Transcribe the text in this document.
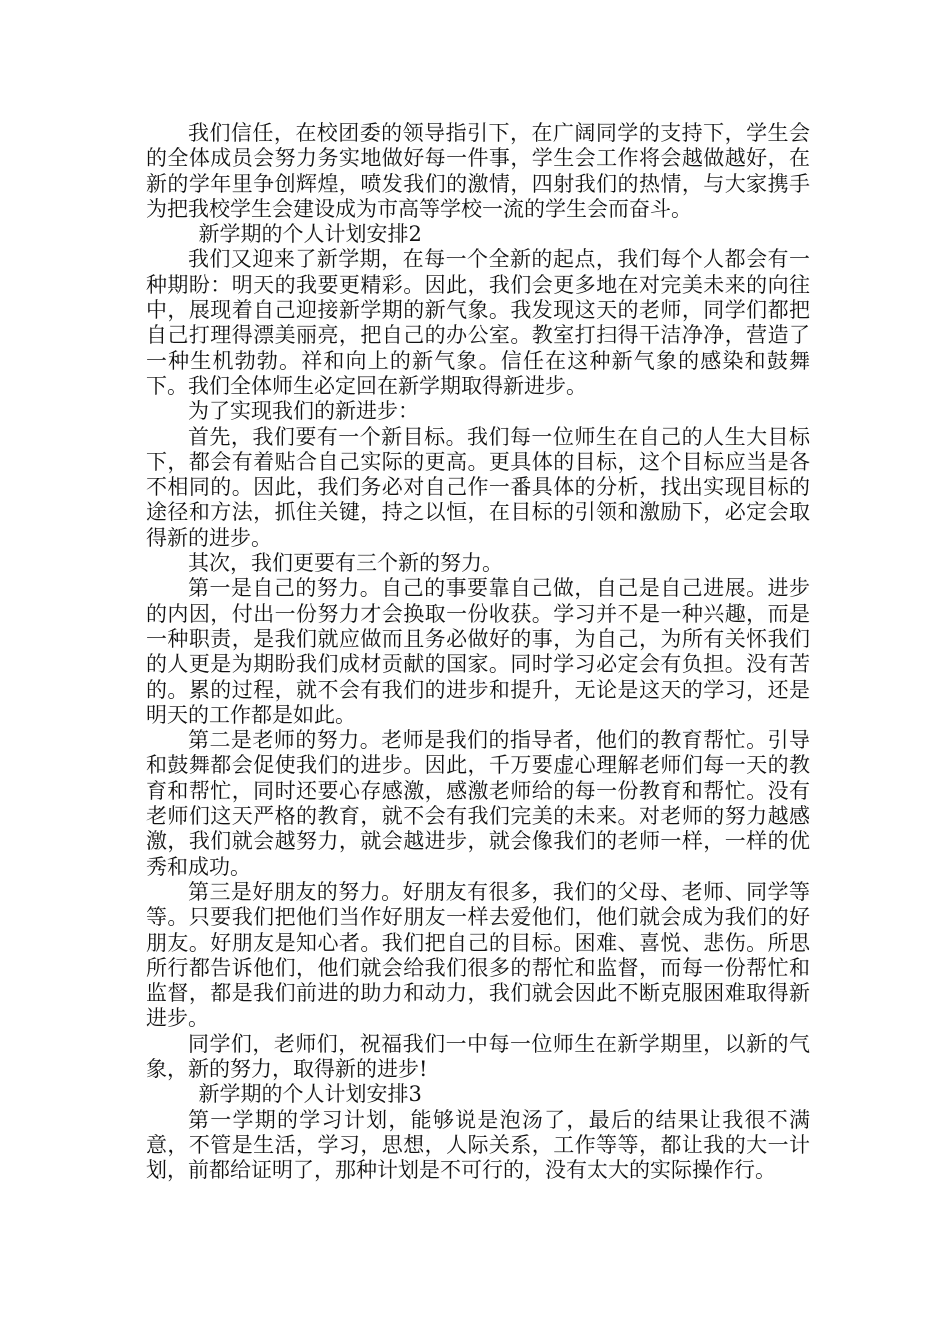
我们信任，在校团委的领导指引下，在广阔同学的支持下，学生会的全体成员会努力务实地做好每一件事，学生会工作将会越做越好，在新的学年里争创辉煌，喷发我们的激情，四射我们的热情，与大家携手为把我校学生会建设成为市高等学校一流的学生会而奋斗。

新学期的个人计划安排2

我们又迎来了新学期，在每一个全新的起点，我们每个人都会有一种期盼：明天的我要更精彩。因此，我们会更多地在对完美未来的向往中，展现着自己迎接新学期的新气象。我发现这天的老师，同学们都把自己打理得漂美丽亮，把自己的办公室。教室打扫得干洁净净，营造了一种生机勃勃。祥和向上的新气象。信任在这种新气象的感染和鼓舞下。我们全体师生必定回在新学期取得新进步。

为了实现我们的新进步：

首先，我们要有一个新目标。我们每一位师生在自己的人生大目标下，都会有着贴合自己实际的更高。更具体的目标，这个目标应当是各不相同的。因此，我们务必对自己作一番具体的分析，找出实现目标的途径和方法，抓住关键，持之以恒，在目标的引领和激励下，必定会取得新的进步。

其次，我们更要有三个新的努力。

第一是自己的努力。自己的事要靠自己做，自己是自己进展。进步的内因，付出一份努力才会换取一份收获。学习并不是一种兴趣，而是一种职责，是我们就应做而且务必做好的事，为自己，为所有关怀我们的人更是为期盼我们成材贡献的国家。同时学习必定会有负担。没有苦的。累的过程，就不会有我们的进步和提升，无论是这天的学习，还是明天的工作都是如此。

第二是老师的努力。老师是我们的指导者，他们的教育帮忙。引导和鼓舞都会促使我们的进步。因此，千万要虚心理解老师们每一天的教育和帮忙，同时还要心存感激，感激老师给的每一份教育和帮忙。没有老师们这天严格的教育，就不会有我们完美的未来。对老师的努力越感激，我们就会越努力，就会越进步，就会像我们的老师一样，一样的优秀和成功。

第三是好朋友的努力。好朋友有很多，我们的父母、老师、同学等等。只要我们把他们当作好朋友一样去爱他们，他们就会成为我们的好朋友。好朋友是知心者。我们把自己的目标。困难、喜悦、悲伤。所思所行都告诉他们，他们就会给我们很多的帮忙和监督，而每一份帮忙和监督，都是我们前进的助力和动力，我们就会因此不断克服困难取得新进步。

同学们，老师们，祝福我们一中每一位师生在新学期里，以新的气象，新的努力，取得新的进步!

新学期的个人计划安排3

第一学期的学习计划，能够说是泡汤了，最后的结果让我很不满意，不管是生活，学习，思想，人际关系，工作等等，都让我的大一计划，前都给证明了，那种计划是不可行的，没有太大的实际操作行。
